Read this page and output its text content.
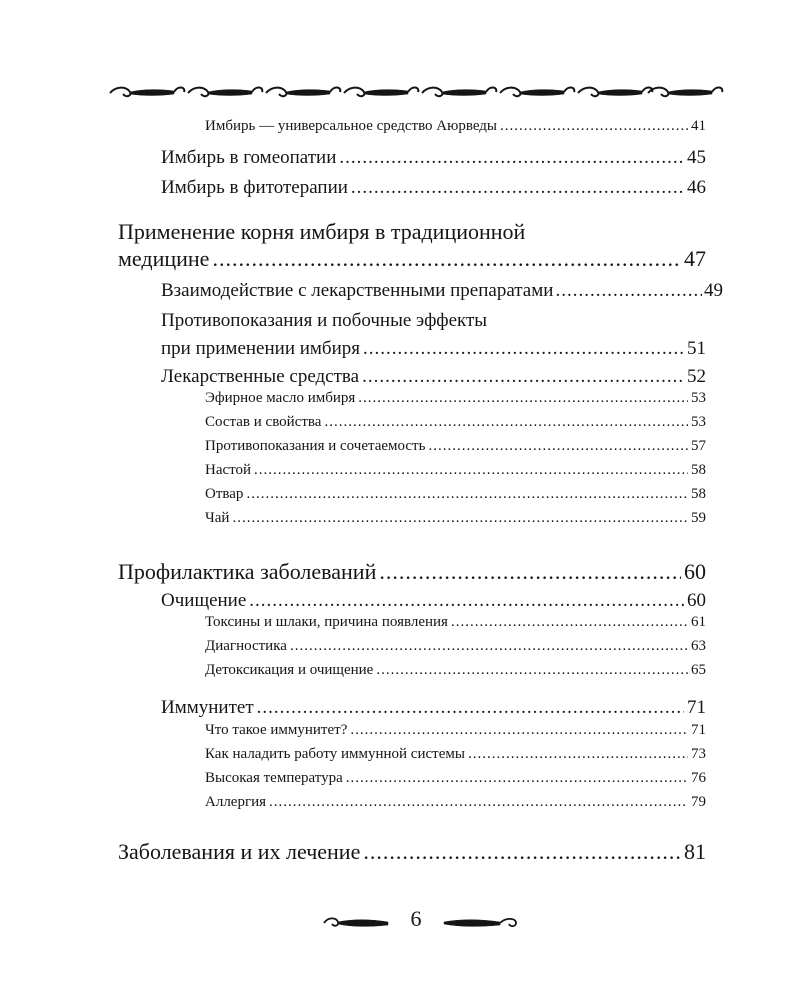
Имбирь — универсальное средство Аюрведы .....	41
Имбирь в гомеопатии .....	45
Имбирь в фитотерапии .....	46
Применение корня имбиря в традиционной
медицине .....	47
Взаимодействие с лекарственными препаратами .....	49
Противопоказания и побочные эффекты
при применении имбиря .....	51
Лекарственные средства .....	52
Эфирное масло имбиря .....	53
Состав и свойства .....	53
Противопоказания и сочетаемость .....	57
Настой .....	58
Отвар .....	58
Чай .....	59
Профилактика заболеваний .....	60
Очищение .....	60
Токсины и шлаки, причина появления .....	61
Диагностика .....	63
Детоксикация и очищение .....	65
Иммунитет .....	71
Что такое иммунитет? .....	71
Как наладить работу иммунной системы .....	73
Высокая температура .....	76
Аллергия .....	79
Заболевания и их лечение .....	81
6
